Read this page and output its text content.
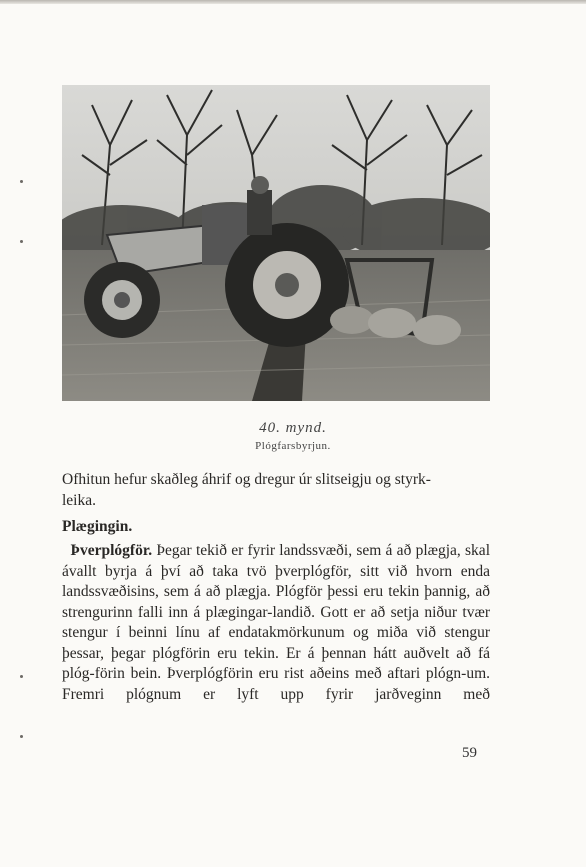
40. mynd.
Plógfarsbyrjun.
Ofhitun hefur skaðleg áhrif og dregur úr slitseigju og styrk-
leika.
Plægingin.
Þverplógför. Þegar tekið er fyrir landssvæði, sem á að plægja, skal ávallt byrja á því að taka tvö þverplógför, sitt við hvorn enda landssvæðisins, sem á að plægja. Plógför þessi eru tekin þannig, að strengurinn falli inn á plægingar-landið. Gott er að setja niður tvær stengur í beinni línu af endatakmörkunum og miða við stengur þessar, þegar plógförin eru tekin. Er á þennan hátt auðvelt að fá plóg-förin bein. Þverplógförin eru rist aðeins með aftari plógn-um. Fremri plógnum er lyft upp fyrir jarðveginn með
59
